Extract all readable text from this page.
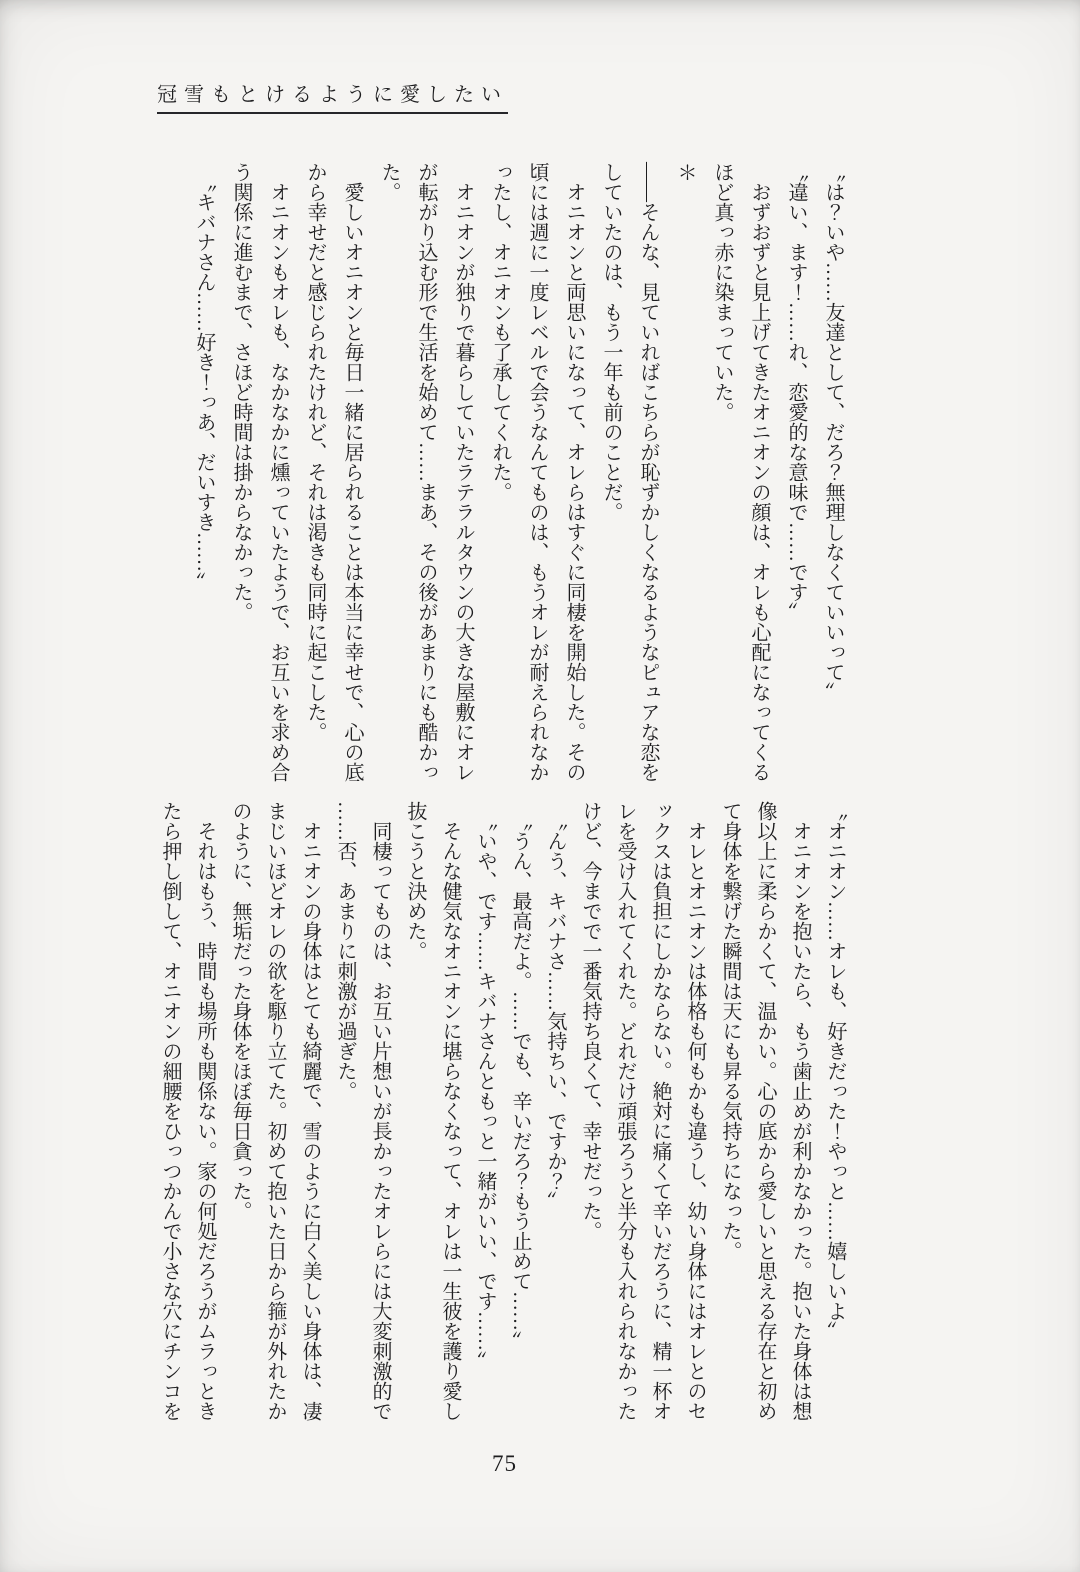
冠雪もとけるように愛したい
〝は？いや……友達として、だろ？無理しなくていいって〟
〝違い、ます！……れ、恋愛的な意味で……です〟
おずおずと見上げてきたオニオンの顔は、オレも心配になってくる
ほど真っ赤に染まっていた。
＊
——そんな、見ていればこちらが恥ずかしくなるようなピュアな恋を
していたのは、もう一年も前のことだ。
オニオンと両思いになって、オレらはすぐに同棲を開始した。その
頃には週に一度レベルで会うなんてものは、もうオレが耐えられなか
ったし、オニオンも了承してくれた。
オニオンが独りで暮らしていたラテラルタウンの大きな屋敷にオレ
が転がり込む形で生活を始めて……まあ、その後があまりにも酷かっ
た。
愛しいオニオンと毎日一緒に居られることは本当に幸せで、心の底
から幸せだと感じられたけれど、それは渇きも同時に起こした。
オニオンもオレも、なかなかに燻っていたようで、お互いを求め合
う関係に進むまで、さほど時間は掛からなかった。
〝キバナさん……好き！っあ、だいすき……〟
〝オニオン……オレも、好きだった！やっと……嬉しいよ〟
オニオンを抱いたら、もう歯止めが利かなかった。抱いた身体は想
像以上に柔らかくて、温かい。心の底から愛しいと思える存在と初め
て身体を繋げた瞬間は天にも昇る気持ちになった。
オレとオニオンは体格も何もかも違うし、幼い身体にはオレとのセ
ックスは負担にしかならない。絶対に痛くて辛いだろうに、精一杯オ
レを受け入れてくれた。どれだけ頑張ろうと半分も入れられなかった
けど、今までで一番気持ち良くて、幸せだった。
〝んう、キバナさ……気持ちい、ですか？〟
〝うん、最高だよ。……でも、辛いだろ？もう止めて……〟
〝いや、です……キバナさんともっと一緒がいい、です……〟
そんな健気なオニオンに堪らなくなって、オレは一生彼を護り愛し
抜こうと決めた。
同棲ってものは、お互い片想いが長かったオレらには大変刺激的で
……否、あまりに刺激が過ぎた。
オニオンの身体はとても綺麗で、雪のように白く美しい身体は、凄
まじいほどオレの欲を駆り立てた。初めて抱いた日から箍が外れたか
のように、無垢だった身体をほぼ毎日貪った。
それはもう、時間も場所も関係ない。家の何処だろうがムラっとき
たら押し倒して、オニオンの細腰をひっつかんで小さな穴にチンコを
75
